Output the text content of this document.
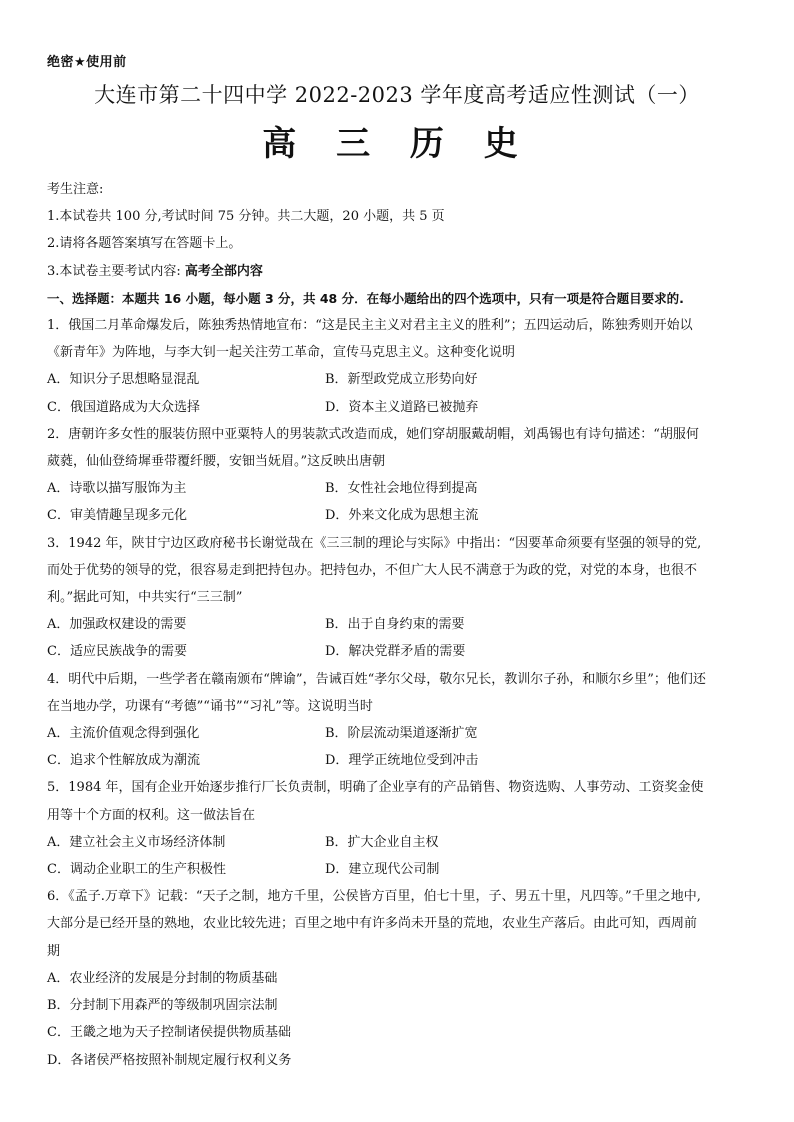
绝密★使用前
大连市第二十四中学 2022-2023 学年度高考适应性测试（一）
高 三 历 史
考生注意:
1.本试卷共 100 分,考试时间 75 分钟。共二大题，20 小题，共 5 页
2.请将各题答案填写在答题卡上。
3.本试卷主要考试内容: 高考全部内容
一、选择题：本题共 16 小题，每小题 3 分，共 48 分．在每小题给出的四个选项中，只有一项是符合题目要求的.
1．俄国二月革命爆发后，陈独秀热情地宣布：“这是民主主义对君主主义的胜利”；五四运动后，陈独秀则开始以
《新青年》为阵地，与李大钊一起关注劳工革命，宣传马克思主义。这种变化说明
A．知识分子思想略显混乱	B．新型政党成立形势向好
C．俄国道路成为大众选择	D．资本主义道路已被抛弃
2．唐朝许多女性的服装仿照中亚粟特人的男装款式改造而成，她们穿胡服戴胡帽，刘禹锡也有诗句描述：“胡服何
葳蕤，仙仙登绮墀垂带覆纤腰，安钿当妩眉。”这反映出唐朝
A．诗歌以描写服饰为主	B．女性社会地位得到提高
C．审美情趣呈现多元化	D．外来文化成为思想主流
3．1942 年，陕甘宁边区政府秘书长谢觉哉在《三三制的理论与实际》中指出：“因要革命须要有坚强的领导的党,
而处于优势的领导的党，很容易走到把持包办。把持包办，不但广大人民不满意于为政的党，对党的本身，也很不
利。”据此可知，中共实行“三三制”
A．加强政权建设的需要	B．出于自身约束的需要
C．适应民族战争的需要	D．解决党群矛盾的需要
4．明代中后期，一些学者在赣南颁布“牌谕”，告诫百姓“孝尔父母，敬尔兄长，教训尔子孙，和顺尔乡里”；他们还
在当地办学，功课有“考德”“诵书”“习礼”等。这说明当时
A．主流价值观念得到强化	B．阶层流动渠道逐渐扩宽
C．追求个性解放成为潮流	D．理学正统地位受到冲击
5．1984 年，国有企业开始逐步推行厂长负责制，明确了企业享有的产品销售、物资选购、人事劳动、工资奖金使
用等十个方面的权利。这一做法旨在
A．建立社会主义市场经济体制	B．扩大企业自主权
C．调动企业职工的生产积极性	D．建立现代公司制
6．《孟子.万章下》记载：“天子之制，地方千里，公侯皆方百里，伯七十里，子、男五十里，凡四等。”千里之地中,
大部分是已经开垦的熟地，农业比较先进；百里之地中有许多尚未开垦的荒地，农业生产落后。由此可知，西周前
期
A．农业经济的发展是分封制的物质基础
B．分封制下用森严的等级制巩固宗法制
C．王畿之地为天子控制诸侯提供物质基础
D．各诸侯严格按照补制规定履行权利义务
